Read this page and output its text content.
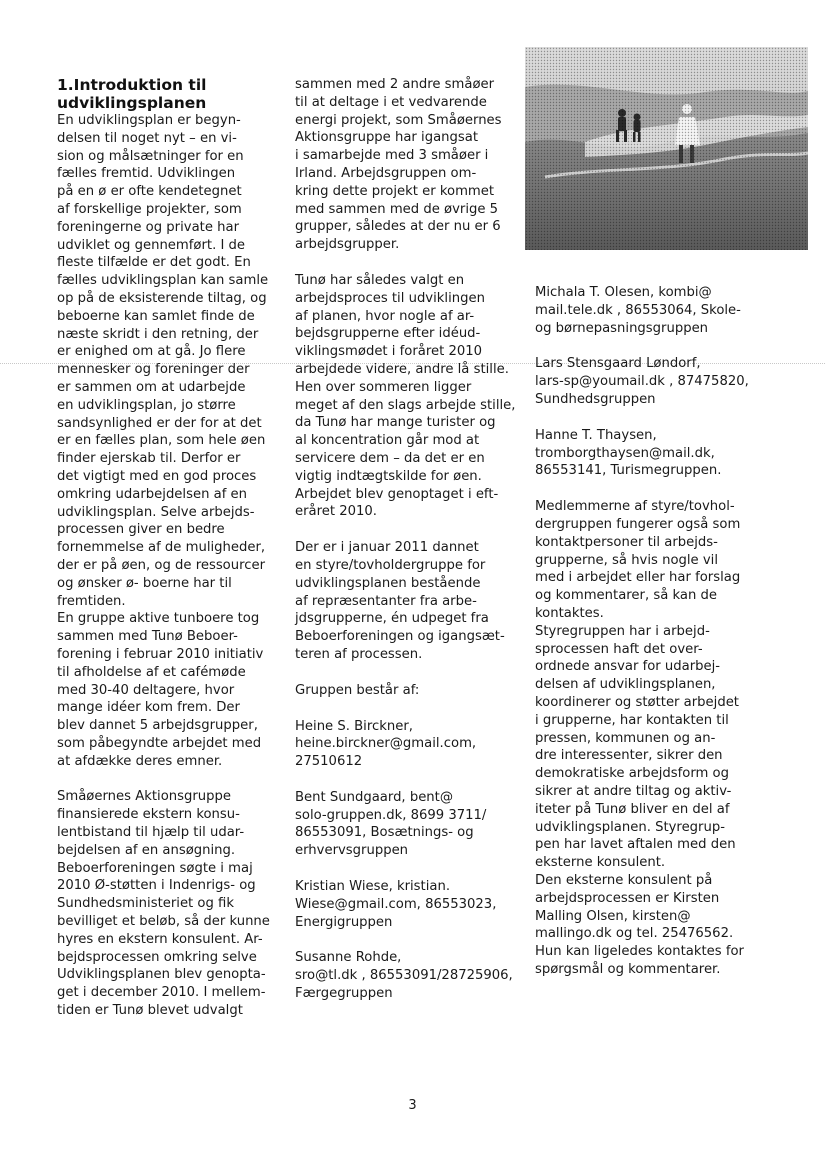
1.Introduktion til
udviklingsplanen
En udviklingsplan er begyn-
delsen til noget nyt – en vi-
sion og målsætninger for en
fælles fremtid. Udviklingen
på en ø er ofte kendetegnet
af forskellige projekter, som
foreningerne og private har
udviklet og gennemført. I de
fleste tilfælde er det godt. En
fælles udviklingsplan kan samle
op på de eksisterende tiltag, og
beboerne kan samlet finde de
næste skridt i den retning, der
er enighed om at gå. Jo flere
mennesker og foreninger der
er sammen om at udarbejde
en udviklingsplan, jo større
sandsynlighed er der for at det
er en fælles plan, som hele øen
finder ejerskab til. Derfor er
det vigtigt med en god proces
omkring udarbejdelsen af en
udviklingsplan. Selve arbejds-
processen giver en bedre
fornemmelse af de muligheder,
der er på øen, og de ressourcer
og ønsker ø- boerne har til
fremtiden.
En gruppe aktive tunboere tog
sammen med Tunø Beboer-
forening i februar 2010 initiativ
til afholdelse af et cafémøde
med 30-40 deltagere, hvor
mange idéer kom frem. Der
blev dannet 5 arbejdsgrupper,
som påbegyndte arbejdet med
at afdække deres emner.
Småøernes Aktionsgruppe
finansierede ekstern konsu-
lentbistand til hjælp til udar-
bejdelsen af en ansøgning.
Beboerforeningen søgte i maj
2010 Ø-støtten i Indenrigs- og
Sundhedsministeriet og fik
bevilliget et beløb, så der kunne
hyres en ekstern konsulent. Ar-
bejdsprocessen omkring selve
Udviklingsplanen blev genopta-
get i december 2010. I mellem-
tiden er Tunø blevet udvalgt
sammen med 2 andre småøer
til at deltage i et vedvarende
energi projekt, som Småøernes
Aktionsgruppe har igangsat
i samarbejde med 3 småøer i
Irland. Arbejdsgruppen om-
kring dette projekt er kommet
med sammen med de øvrige 5
grupper, således at der nu er 6
arbejdsgrupper.
Tunø har således valgt en
arbejdsproces til udviklingen
af planen, hvor nogle af ar-
bejdsgrupperne efter idéud-
viklingsmødet i foråret 2010
arbejdede videre, andre lå stille.
Hen over sommeren ligger
meget af den slags arbejde stille,
da Tunø har mange turister og
al koncentration går mod at
servicere dem – da det er en
vigtig indtægtskilde for øen.
Arbejdet blev genoptaget i eft-
eråret 2010.
Der er i januar 2011 dannet
en styre/tovholdergruppe for
udviklingsplanen bestående
af repræsentanter fra arbe-
jdsgrupperne, én udpeget fra
Beboerforeningen og igangsæt-
teren af processen.
Gruppen består af:
Heine S. Birckner,
heine.birckner@gmail.com,
27510612
Bent Sundgaard, bent@
solo-gruppen.dk, 8699 3711/
86553091, Bosætnings- og
erhvervsgruppen
Kristian Wiese, kristian.
Wiese@gmail.com, 86553023,
Energigruppen
Susanne Rohde,
sro@tl.dk , 86553091/28725906,
Færgegruppen
Michala T. Olesen, kombi@
mail.tele.dk , 86553064, Skole-
og børnepasningsgruppen
Lars Stensgaard Løndorf,
lars-sp@youmail.dk , 87475820,
Sundhedsgruppen
Hanne T. Thaysen,
tromborgthaysen@mail.dk,
86553141, Turismegruppen.
Medlemmerne af styre/tovhol-
dergruppen fungerer også som
kontaktpersoner til arbejds-
grupperne, så hvis nogle vil
med i arbejdet eller har forslag
og kommentarer, så kan de
kontaktes.
Styregruppen har i arbejd-
sprocessen haft det over-
ordnede ansvar for udarbej-
delsen af udviklingsplanen,
koordinerer og støtter arbejdet
i grupperne, har kontakten til
pressen, kommunen og an-
dre interessenter, sikrer den
demokratiske arbejdsform og
sikrer at andre tiltag og aktiv-
iteter på Tunø bliver en del af
udviklingsplanen. Styregrup-
pen har lavet aftalen med den
eksterne konsulent.
Den eksterne konsulent på
arbejdsprocessen er Kirsten
Malling Olsen, kirsten@
mallingo.dk og tel. 25476562.
Hun kan ligeledes kontaktes for
spørgsmål og kommentarer.
3
